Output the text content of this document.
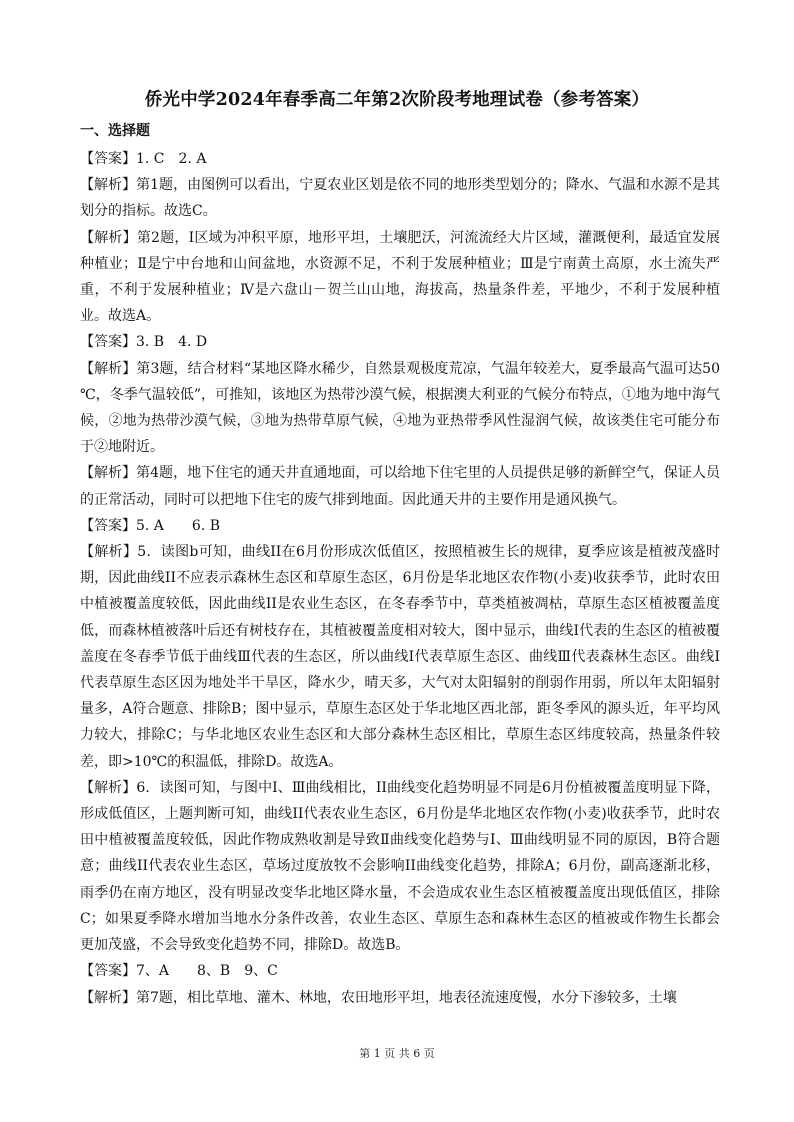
侨光中学2024年春季高二年第2次阶段考地理试卷（参考答案）
一、选择题

【答案】1. C　2. A

【解析】第1题，由图例可以看出，宁夏农业区划是依不同的地形类型划分的；降水、气温和水源不是其划分的指标。故选C。

【解析】第2题，Ⅰ区域为冲积平原，地形平坦，土壤肥沃，河流流经大片区域，灌溉便利，最适宜发展种植业；Ⅱ是宁中台地和山间盆地，水资源不足，不利于发展种植业；Ⅲ是宁南黄土高原，水土流失严重，不利于发展种植业；Ⅳ是六盘山－贺兰山山地，海拔高，热量条件差，平地少，不利于发展种植业。故选A。

【答案】3. B　4. D

【解析】第3题，结合材料“某地区降水稀少，自然景观极度荒凉，气温年较差大，夏季最高气温可达50 ℃，冬季气温较低”，可推知，该地区为热带沙漠气候，根据澳大利亚的气候分布特点，①地为地中海气候，②地为热带沙漠气候，③地为热带草原气候，④地为亚热带季风性湿润气候，故该类住宅可能分布于②地附近。

【解析】第4题，地下住宅的通天井直通地面，可以给地下住宅里的人员提供足够的新鲜空气，保证人员的正常活动，同时可以把地下住宅的废气排到地面。因此通天井的主要作用是通风换气。

【答案】5. A　　6. B

【解析】5．读图b可知，曲线II在6月份形成次低值区，按照植被生长的规律，夏季应该是植被茂盛时期，因此曲线II不应表示森林生态区和草原生态区，6月份是华北地区农作物(小麦)收获季节，此时农田中植被覆盖度较低，因此曲线II是农业生态区，在冬春季节中，草类植被凋枯，草原生态区植被覆盖度低，而森林植被落叶后还有树枝存在，其植被覆盖度相对较大，图中显示，曲线Ⅰ代表的生态区的植被覆盖度在冬春季节低于曲线Ⅲ代表的生态区，所以曲线Ⅰ代表草原生态区、曲线Ⅲ代表森林生态区。曲线Ⅰ代表草原生态区因为地处半干旱区，降水少，晴天多，大气对太阳辐射的削弱作用弱，所以年太阳辐射量多，A符合题意、排除B；图中显示，草原生态区处于华北地区西北部，距冬季风的源头近，年平均风力较大，排除C；与华北地区农业生态区和大部分森林生态区相比，草原生态区纬度较高，热量条件较差，即>10℃的积温低，排除D。故选A。

【解析】6．读图可知，与图中Ⅰ、Ⅲ曲线相比，II曲线变化趋势明显不同是6月份植被覆盖度明显下降，形成低值区，上题判断可知，曲线II代表农业生态区，6月份是华北地区农作物(小麦)收获季节，此时农田中植被覆盖度较低，因此作物成熟收割是导致Ⅱ曲线变化趋势与Ⅰ、Ⅲ曲线明显不同的原因，B符合题意；曲线II代表农业生态区，草场过度放牧不会影响II曲线变化趋势，排除A；6月份，副高逐渐北移，雨季仍在南方地区，没有明显改变华北地区降水量，不会造成农业生态区植被覆盖度出现低值区，排除C；如果夏季降水增加当地水分条件改善，农业生态区、草原生态和森林生态区的植被或作物生长都会更加茂盛，不会导致变化趋势不同，排除D。故选B。

【答案】7、A　　8、B　9、C

【解析】第7题，相比草地、灌木、林地，农田地形平坦，地表径流速度慢，水分下渗较多，土壤

第 1 页 共 6 页
